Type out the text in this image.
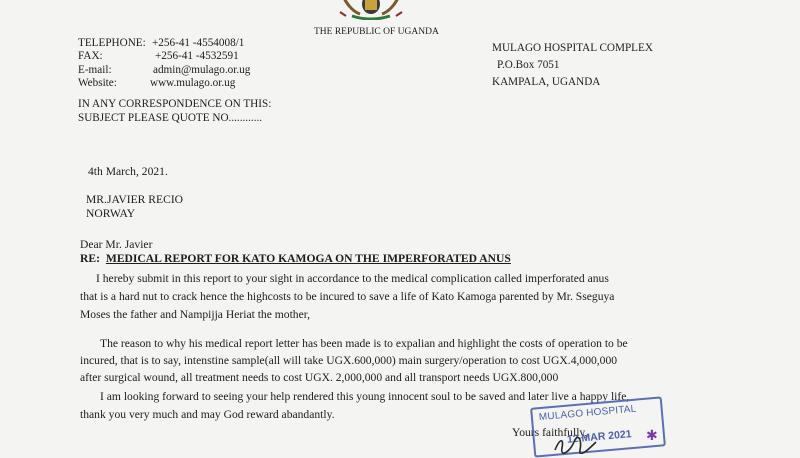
THE REPUBLIC OF UGANDA
TELEPHONE: +256-41 -4554008/1
FAX:	+256-41 -4532591
E-mail:	admin@mulago.or.ug
Website:	www.mulago.or.ug
IN ANY CORRESPONDENCE ON THIS:
SUBJECT PLEASE QUOTE NO............
MULAGO HOSPITAL COMPLEX
P.O.Box 7051
KAMPALA, UGANDA
4th March, 2021.
MR.JAVIER RECIO
NORWAY
Dear Mr. Javier
RE: MEDICAL REPORT FOR KATO KAMOGA ON THE IMPERFORATED ANUS
I hereby submit in this report to your sight in accordance to the medical complication called imperforated anus
that is a hard nut to crack hence the highcosts to be incured to save a life of Kato Kamoga parented by Mr. Sseguya
Moses the father and Nampijja Heriat the mother,
The reason to why his medical report letter has been made is to expalian and highlight the costs of operation to be
incured, that is to say, intenstine sample(all will take UGX.600,000) main surgery/operation to cost UGX.4,000,000
after surgical wound, all treatment needs to cost UGX. 2,000,000 and all transport needs UGX.800,000
I am looking forward to seeing your help rendered this young innocent soul to be saved and later live a happy life,
thank you very much and may God reward abandantly.
Yours faithfully,
MULAGO HOSPITAL
12 MAR 2021 ✱
